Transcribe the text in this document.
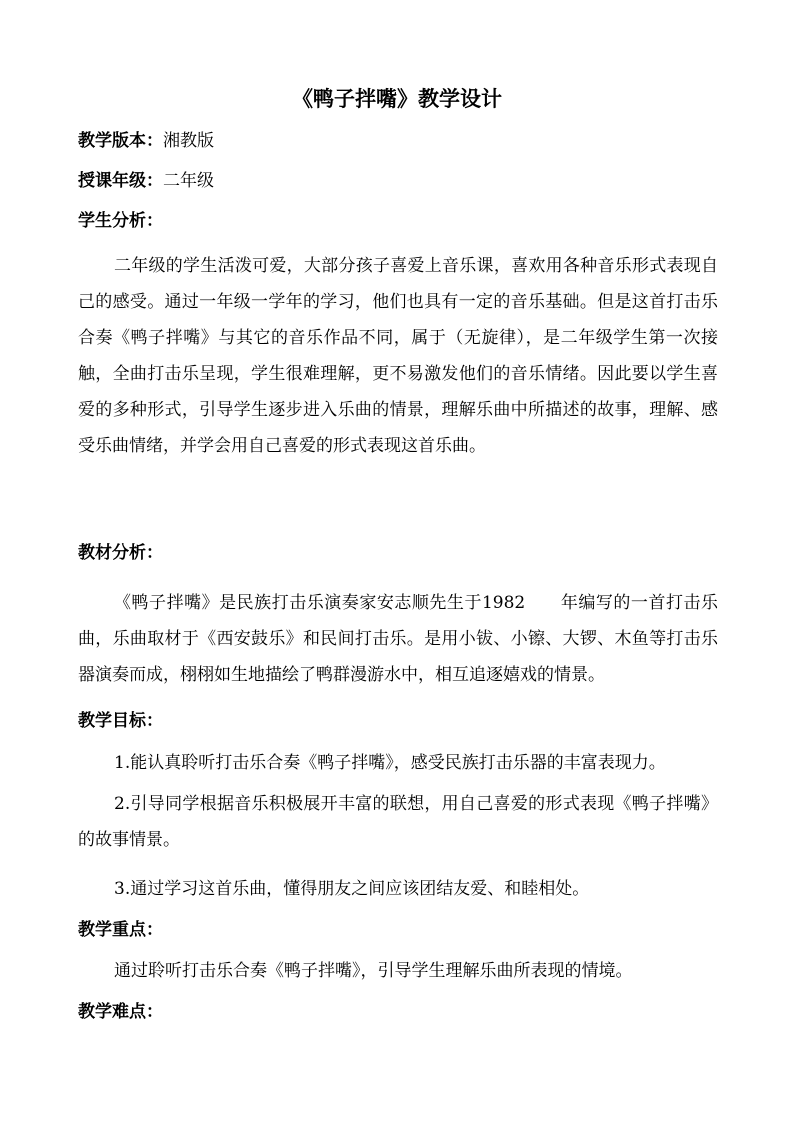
《鸭子拌嘴》教学设计
教学版本：湘教版
授课年级：二年级
学生分析：
二年级的学生活泼可爱，大部分孩子喜爱上音乐课，喜欢用各种音乐形式表现自己的感受。通过一年级一学年的学习，他们也具有一定的音乐基础。但是这首打击乐合奏《鸭子拌嘴》与其它的音乐作品不同，属于（无旋律），是二年级学生第一次接触，全曲打击乐呈现，学生很难理解，更不易激发他们的音乐情绪。因此要以学生喜爱的多种形式，引导学生逐步进入乐曲的情景，理解乐曲中所描述的故事，理解、感受乐曲情绪，并学会用自己喜爱的形式表现这首乐曲。
教材分析：
《鸭子拌嘴》是民族打击乐演奏家安志顺先生于1982　　年编写的一首打击乐曲，乐曲取材于《西安鼓乐》和民间打击乐。是用小钹、小镲、大锣、木鱼等打击乐器演奏而成，栩栩如生地描绘了鸭群漫游水中，相互追逐嬉戏的情景。
教学目标：
1.能认真聆听打击乐合奏《鸭子拌嘴》，感受民族打击乐器的丰富表现力。
2.引导同学根据音乐积极展开丰富的联想，用自己喜爱的形式表现《鸭子拌嘴》的故事情景。
3.通过学习这首乐曲，懂得朋友之间应该团结友爱、和睦相处。
教学重点：
通过聆听打击乐合奏《鸭子拌嘴》，引导学生理解乐曲所表现的情境。
教学难点：
